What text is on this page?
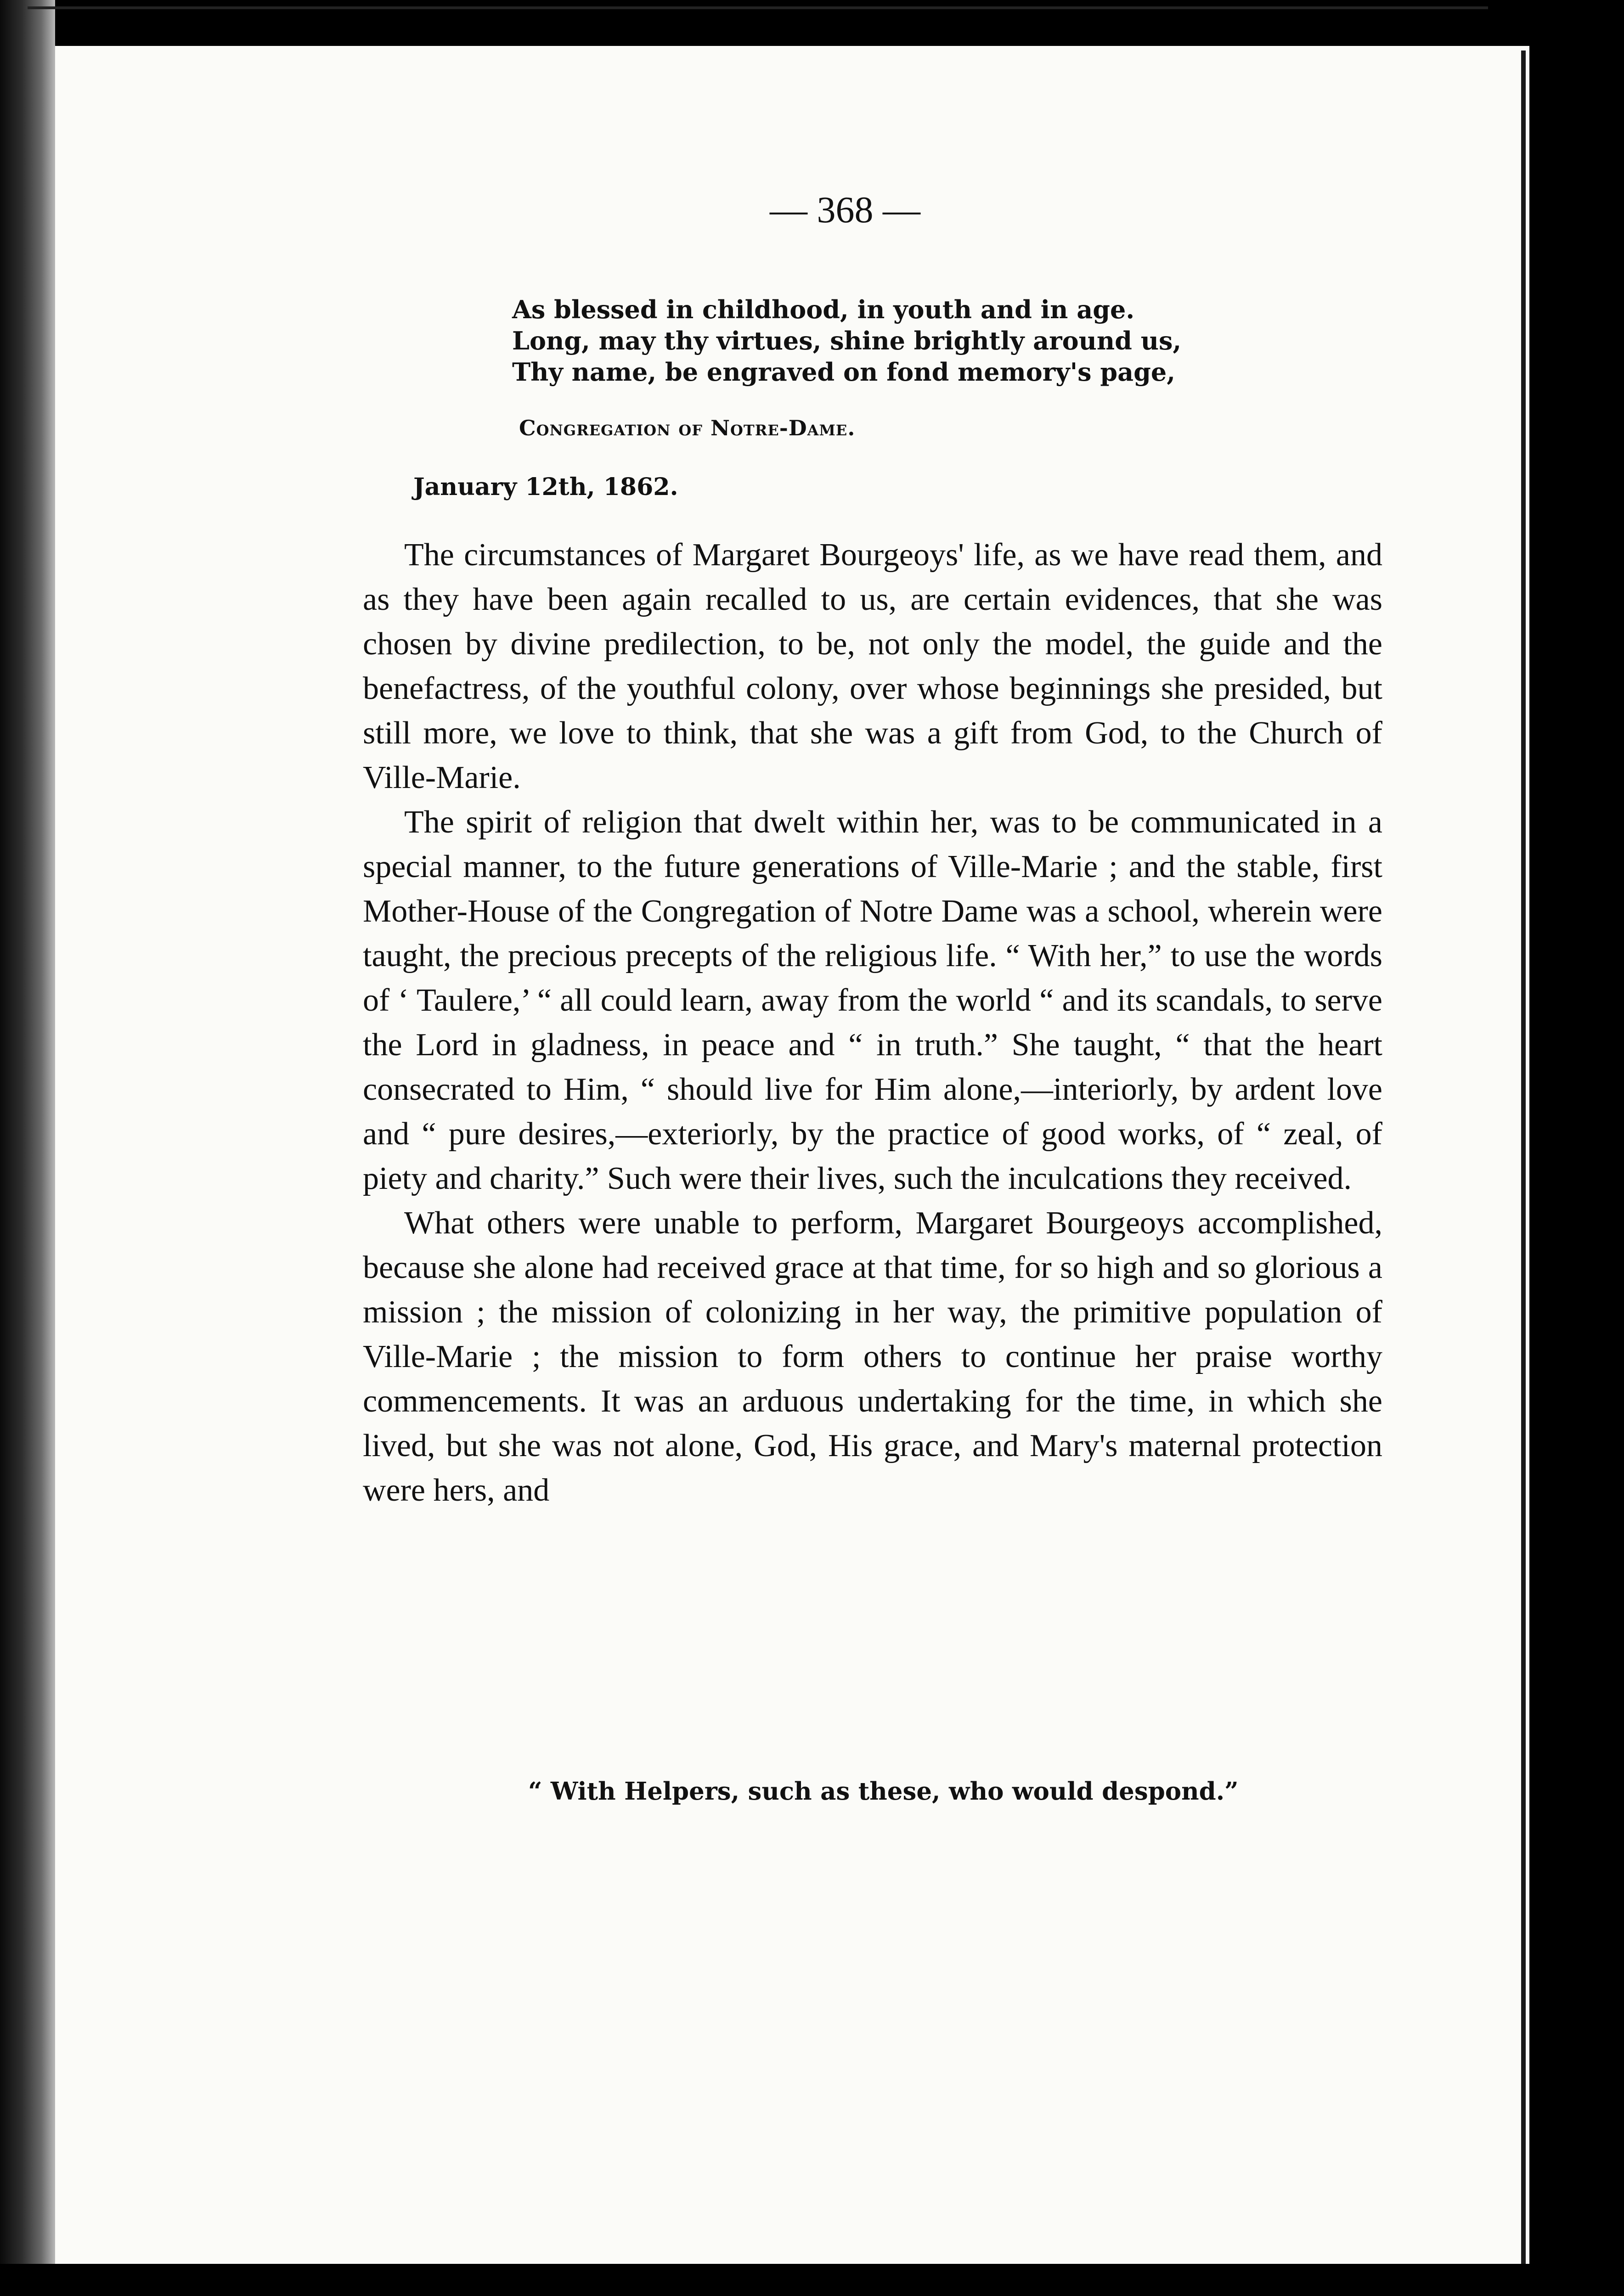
— 368 —
As blessed in childhood, in youth and in age.
Long, may thy virtues, shine brightly around us,
Thy name, be engraved on fond memory's page,
Congregation of Notre-Dame.
January 12th, 1862.

The circumstances of Margaret Bourgeoys' life, as we have read them, and as they have been again recalled to us, are certain evidences, that she was chosen by divine predilection, to be, not only the model, the guide and the benefactress, of the youthful colony, over whose beginnings she presided, but still more, we love to think, that she was a gift from God, to the Church of Ville-Marie.

The spirit of religion that dwelt within her, was to be communicated in a special manner, to the future generations of Ville-Marie ; and the stable, first Mother-House of the Congregation of Notre Dame was a school, wherein were taught, the precious precepts of the religious life. “ With her,” to use the words of ‘ Taulere,’ “ all could learn, away from the world “ and its scandals, to serve the Lord in gladness, in peace and “ in truth.” She taught, “ that the heart consecrated to Him, “ should live for Him alone,—interiorly, by ardent love and “ pure desires,—exteriorly, by the practice of good works, of “ zeal, of piety and charity.” Such were their lives, such the inculcations they received.

What others were unable to perform, Margaret Bourgeoys accomplished, because she alone had received grace at that time, for so high and so glorious a mission ; the mission of colonizing in her way, the primitive population of Ville-Marie ; the mission to form others to continue her praise worthy commencements. It was an arduous undertaking for the time, in which she lived, but she was not alone, God, His grace, and Mary's maternal protection were hers, and

“ With Helpers, such as these, who would despond.”
